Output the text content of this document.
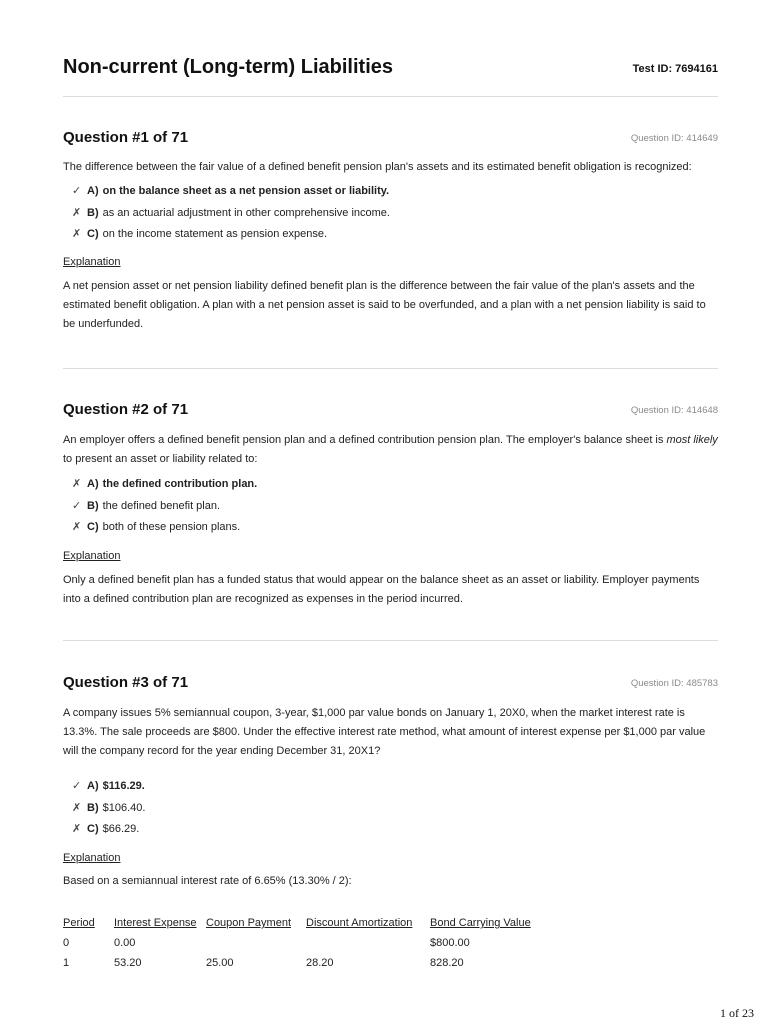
Non-current (Long-term) Liabilities	Test ID: 7694161
Question #1 of 71	Question ID: 414649

The difference between the fair value of a defined benefit pension plan's assets and its estimated benefit obligation is recognized:

✓ A) on the balance sheet as a net pension asset or liability.
✗ B) as an actuarial adjustment in other comprehensive income.
✗ C) on the income statement as pension expense.

Explanation

A net pension asset or net pension liability defined benefit plan is the difference between the fair value of the plan's assets and the estimated benefit obligation. A plan with a net pension asset is said to be overfunded, and a plan with a net pension liability is said to be underfunded.

Question #2 of 71	Question ID: 414648

An employer offers a defined benefit pension plan and a defined contribution pension plan. The employer's balance sheet is most likely to present an asset or liability related to:

✗ A) the defined contribution plan.
✓ B) the defined benefit plan.
✗ C) both of these pension plans.

Explanation

Only a defined benefit plan has a funded status that would appear on the balance sheet as an asset or liability. Employer payments into a defined contribution plan are recognized as expenses in the period incurred.

Question #3 of 71	Question ID: 485783

A company issues 5% semiannual coupon, 3-year, $1,000 par value bonds on January 1, 20X0, when the market interest rate is 13.3%. The sale proceeds are $800. Under the effective interest rate method, what amount of interest expense per $1,000 par value will the company record for the year ending December 31, 20X1?

✓ A) $116.29.
✗ B) $106.40.
✗ C) $66.29.

Explanation

Based on a semiannual interest rate of 6.65% (13.30% / 2):

Period	Interest Expense	Coupon Payment	Discount Amortization	Bond Carrying Value
0	0.00			$800.00
1	53.20	25.00	28.20	828.20
1 of 23
